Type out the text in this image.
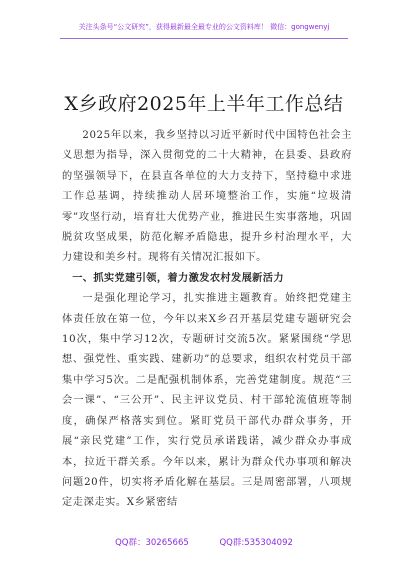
关注头条号“公文研究”，获得最新最全最专业的公文资料库！ 微信：gongwenyj
X乡政府2025年上半年工作总结

2025年以来，我乡坚持以习近平新时代中国特色社会主义思想为指导，深入贯彻党的二十大精神，在县委、县政府的坚强领导下，在县直各单位的大力支持下，坚持稳中求进工作总基调，持续推动人居环境整治工作，实施“垃圾清零”攻坚行动，培育壮大优势产业，推进民生实事落地，巩固脱贫攻坚成果，防范化解矛盾隐患，提升乡村治理水平，大力建设和美乡村。现将有关情况汇报如下。

一、抓实党建引领，着力激发农村发展新活力

一是强化理论学习，扎实推进主题教育。始终把党建主体责任放在第一位，今年以来X乡召开基层党建专题研究会10次，集中学习12次，专题研讨交流5次。紧紧围绕“学思想、强党性、重实践、建新功”的总要求，组织农村党员干部集中学习5次。二是配强机制体系，完善党建制度。规范“三会一课”、“三公开”、民主评议党员、村干部轮流值班等制度，确保严格落实到位。紧盯党员干部代办群众事务，开展“亲民党建”工作，实行党员承诺践诺，减少群众办事成本，拉近干群关系。今年以来，累计为群众代办事项和解决问题20件，切实将矛盾化解在基层。三是周密部署，八项规定走深走实。X乡紧密结

QQ群：30265665	QQ群:535304092
